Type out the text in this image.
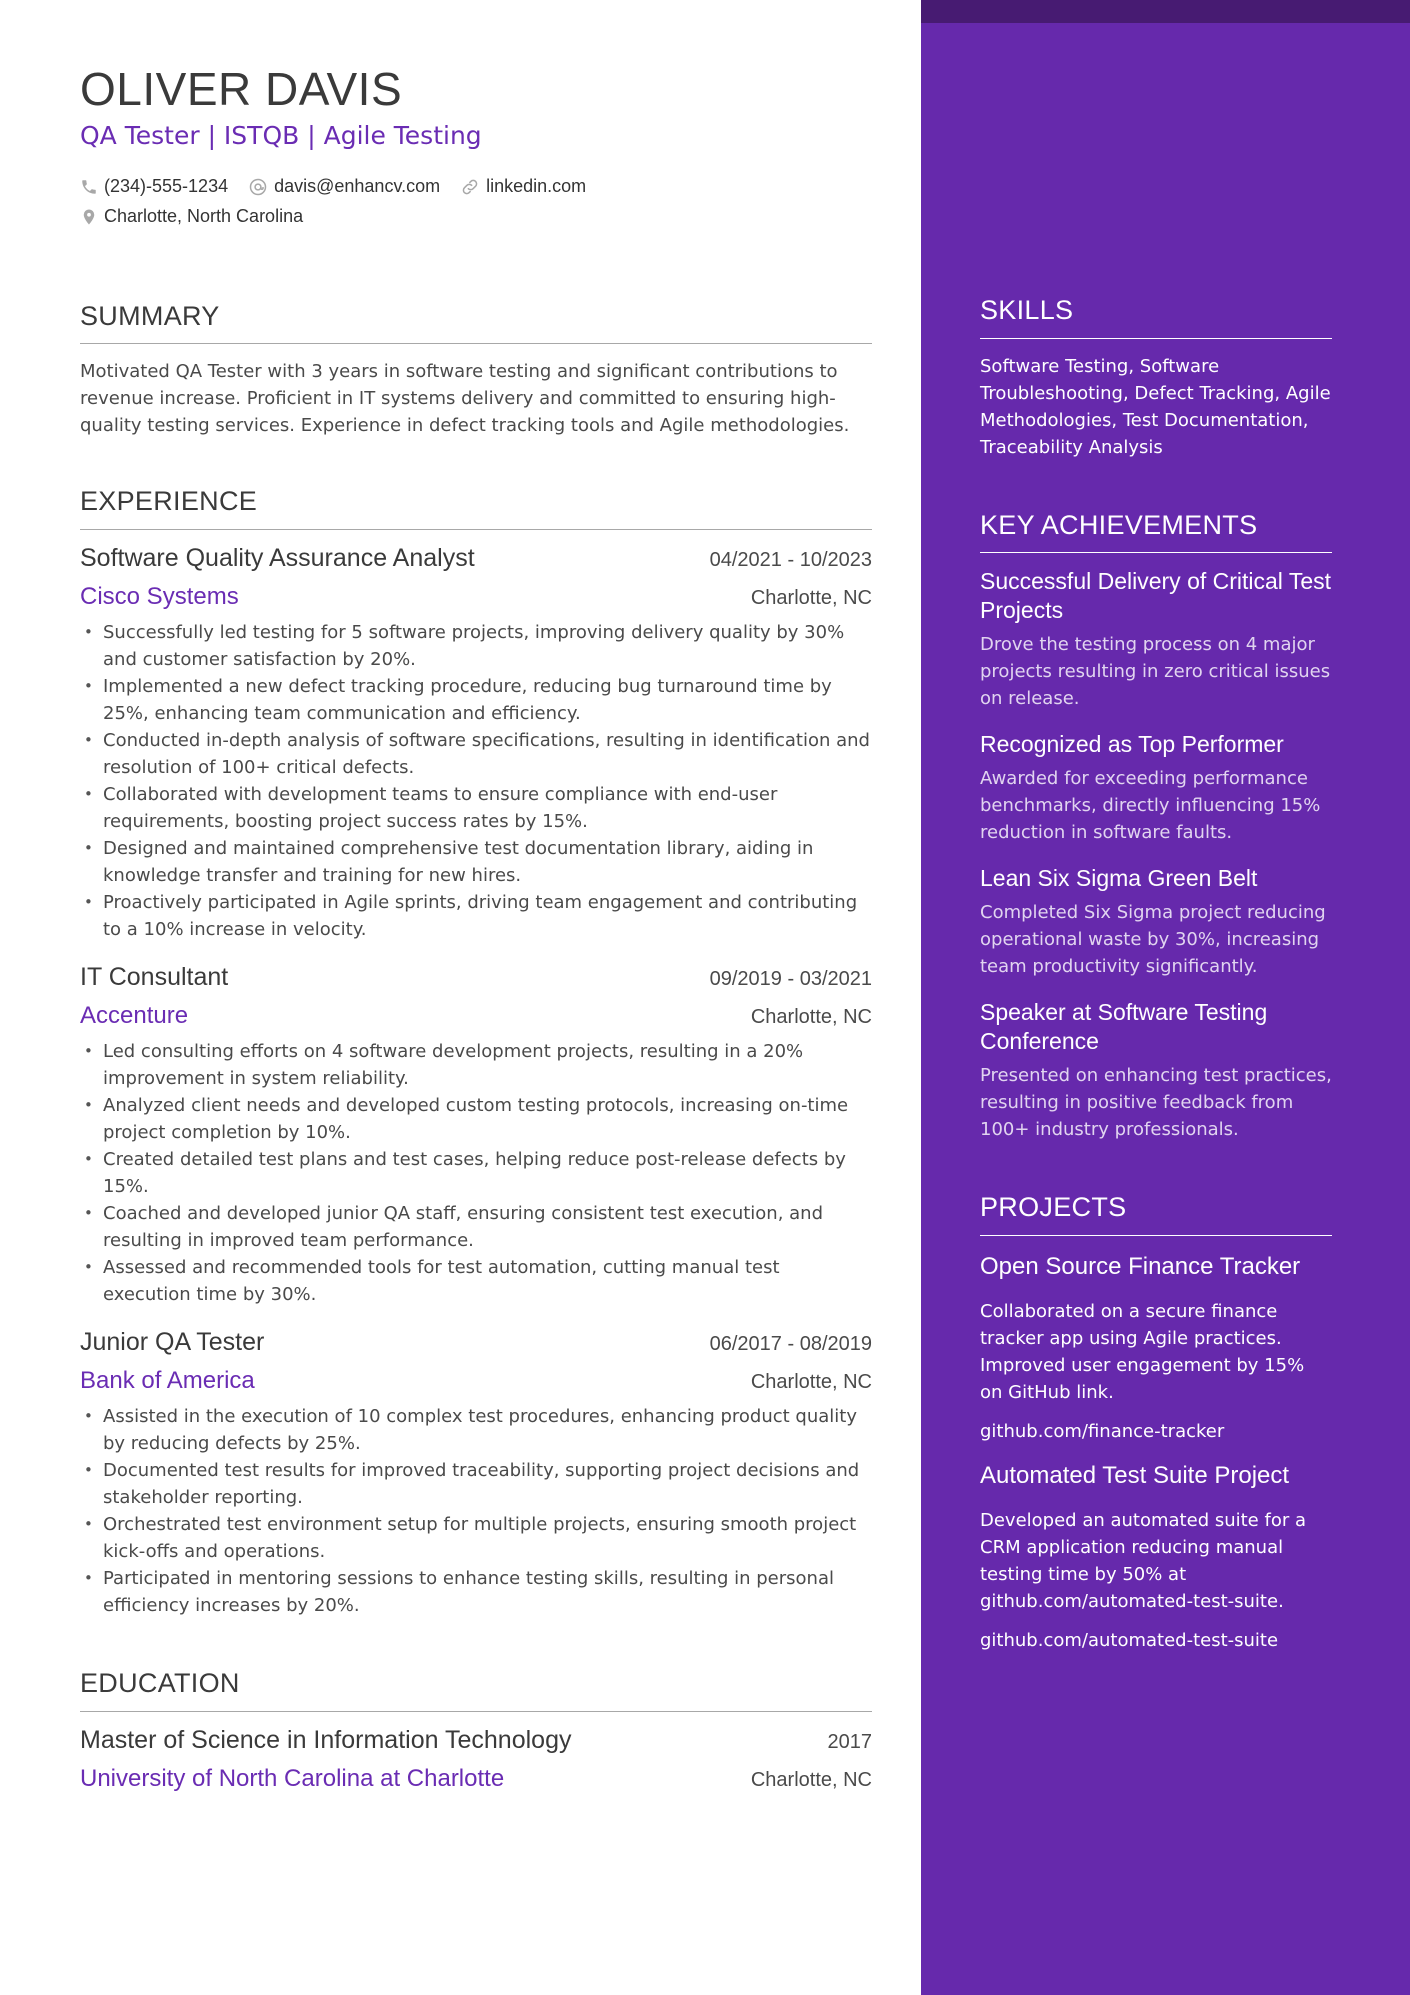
OLIVER DAVIS
QA Tester | ISTQB | Agile Testing
(234)-555-1234	davis@enhancv.com	linkedin.com
Charlotte, North Carolina
SUMMARY
Motivated QA Tester with 3 years in software testing and significant contributions to revenue increase. Proficient in IT systems delivery and committed to ensuring high-quality testing services. Experience in defect tracking tools and Agile methodologies.
EXPERIENCE
Software Quality Assurance Analyst	04/2021 - 10/2023
Cisco Systems	Charlotte, NC
• Successfully led testing for 5 software projects, improving delivery quality by 30% and customer satisfaction by 20%.
• Implemented a new defect tracking procedure, reducing bug turnaround time by 25%, enhancing team communication and efficiency.
• Conducted in-depth analysis of software specifications, resulting in identification and resolution of 100+ critical defects.
• Collaborated with development teams to ensure compliance with end-user requirements, boosting project success rates by 15%.
• Designed and maintained comprehensive test documentation library, aiding in knowledge transfer and training for new hires.
• Proactively participated in Agile sprints, driving team engagement and contributing to a 10% increase in velocity.
IT Consultant	09/2019 - 03/2021
Accenture	Charlotte, NC
• Led consulting efforts on 4 software development projects, resulting in a 20% improvement in system reliability.
• Analyzed client needs and developed custom testing protocols, increasing on-time project completion by 10%.
• Created detailed test plans and test cases, helping reduce post-release defects by 15%.
• Coached and developed junior QA staff, ensuring consistent test execution, and resulting in improved team performance.
• Assessed and recommended tools for test automation, cutting manual test execution time by 30%.
Junior QA Tester	06/2017 - 08/2019
Bank of America	Charlotte, NC
• Assisted in the execution of 10 complex test procedures, enhancing product quality by reducing defects by 25%.
• Documented test results for improved traceability, supporting project decisions and stakeholder reporting.
• Orchestrated test environment setup for multiple projects, ensuring smooth project kick-offs and operations.
• Participated in mentoring sessions to enhance testing skills, resulting in personal efficiency increases by 20%.
EDUCATION
Master of Science in Information Technology	2017
University of North Carolina at Charlotte	Charlotte, NC
SKILLS
Software Testing, Software Troubleshooting, Defect Tracking, Agile Methodologies, Test Documentation, Traceability Analysis
KEY ACHIEVEMENTS
Successful Delivery of Critical Test Projects
Drove the testing process on 4 major projects resulting in zero critical issues on release.
Recognized as Top Performer
Awarded for exceeding performance benchmarks, directly influencing 15% reduction in software faults.
Lean Six Sigma Green Belt
Completed Six Sigma project reducing operational waste by 30%, increasing team productivity significantly.
Speaker at Software Testing Conference
Presented on enhancing test practices, resulting in positive feedback from 100+ industry professionals.
PROJECTS
Open Source Finance Tracker
Collaborated on a secure finance tracker app using Agile practices. Improved user engagement by 15% on GitHub link.
github.com/finance-tracker
Automated Test Suite Project
Developed an automated suite for a CRM application reducing manual testing time by 50% at github.com/automated-test-suite.
github.com/automated-test-suite
